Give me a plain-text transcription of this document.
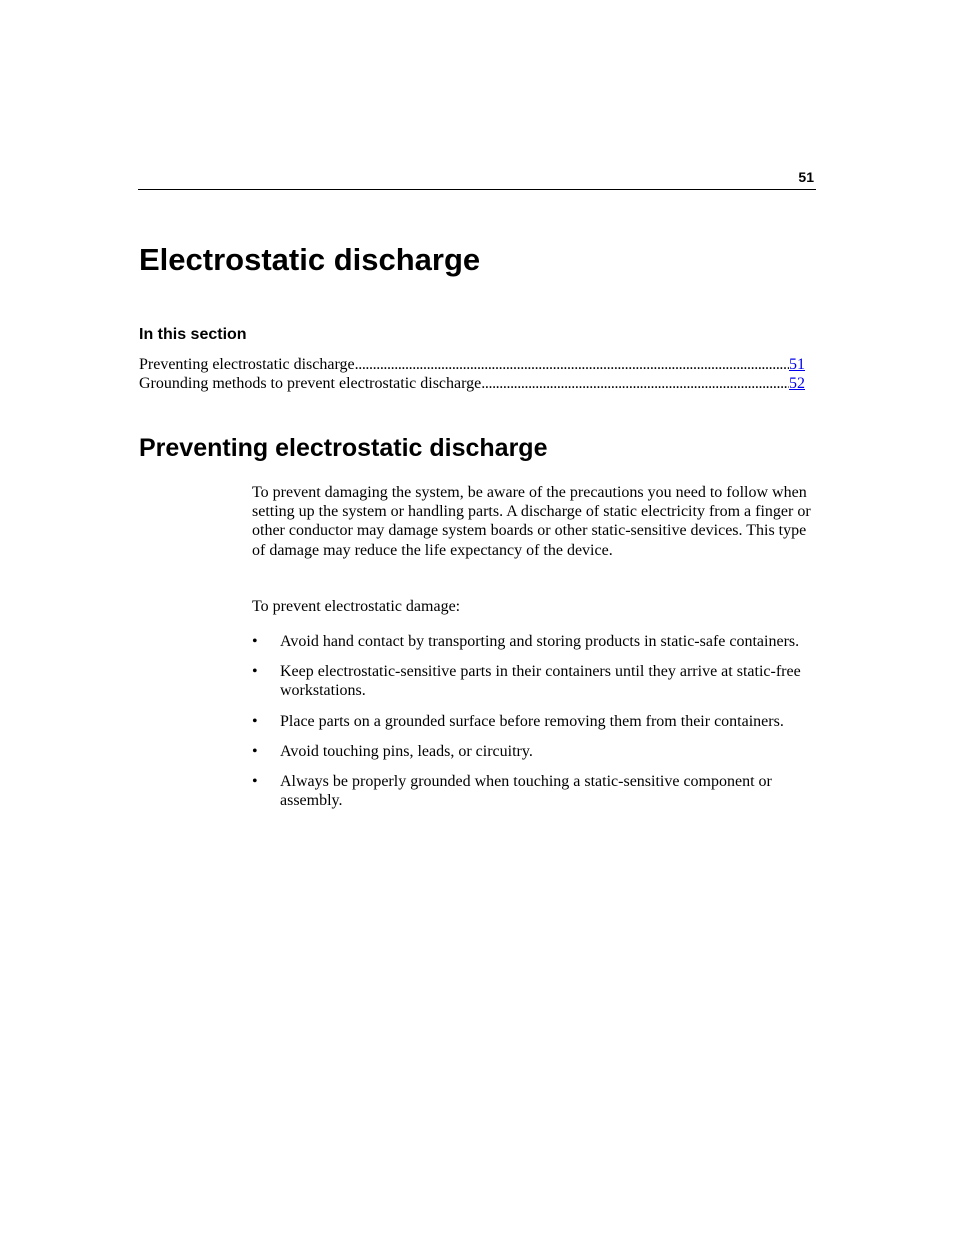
51
Electrostatic discharge
In this section
Preventing electrostatic discharge . . .	51
Grounding methods to prevent electrostatic discharge . . .	52
Preventing electrostatic discharge

To prevent damaging the system, be aware of the precautions you need to follow when setting up the system or handling parts. A discharge of static electricity from a finger or other conductor may damage system boards or other static-sensitive devices. This type of damage may reduce the life expectancy of the device.

To prevent electrostatic damage:

• Avoid hand contact by transporting and storing products in static-safe containers.
• Keep electrostatic-sensitive parts in their containers until they arrive at static-free workstations.
• Place parts on a grounded surface before removing them from their containers.
• Avoid touching pins, leads, or circuitry.
• Always be properly grounded when touching a static-sensitive component or assembly.
